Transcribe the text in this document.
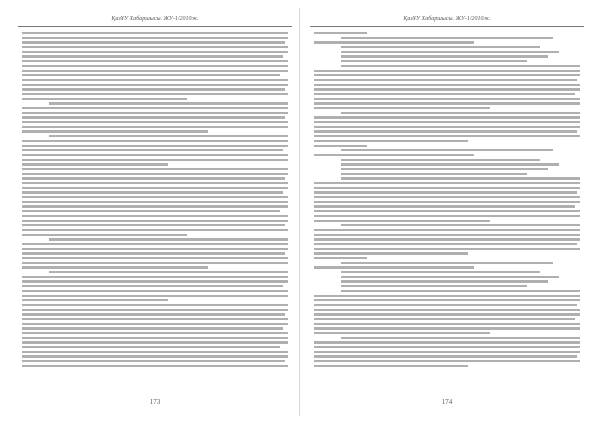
ҚазҰУ Хабаршысы. ЖУ-1/2010ж.
173
ҚазҰУ Хабаршысы. ЖУ-1/2010ж.
174
